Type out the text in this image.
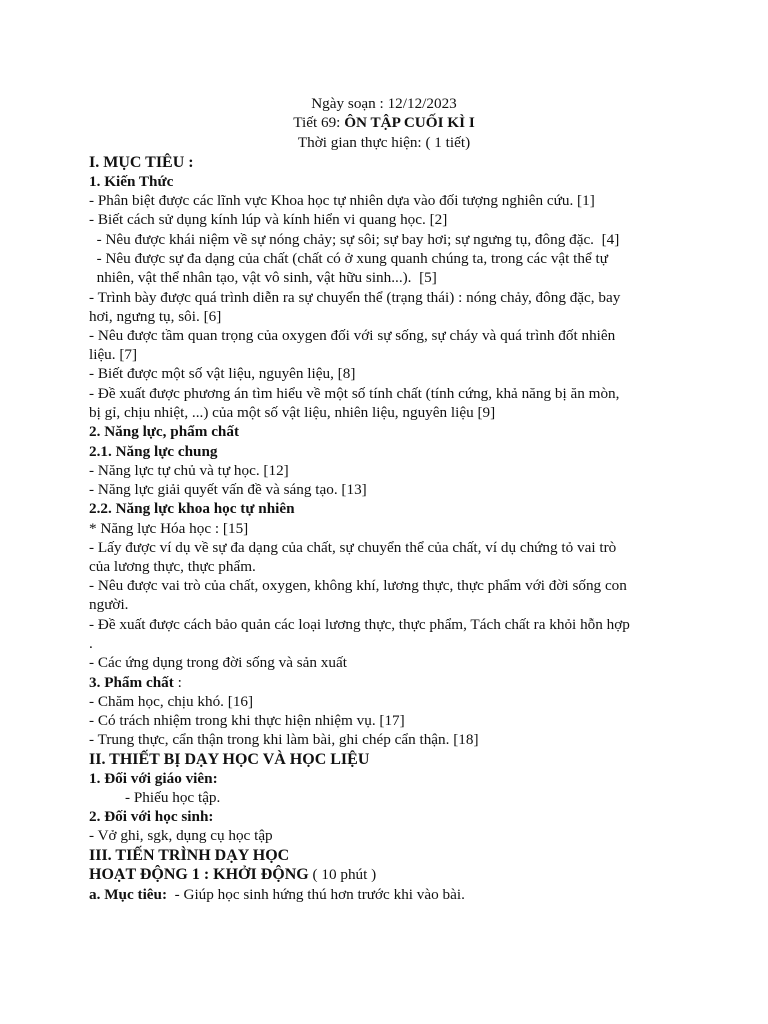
Ngày soạn : 12/12/2023
Tiết 69: ÔN TẬP CUỐI KÌ I
Thời gian thực hiện: ( 1 tiết)
I. MỤC TIÊU :
1. Kiến Thức
- Phân biệt được các lĩnh vực Khoa học tự nhiên dựa vào đối tượng nghiên cứu. [1]
- Biết cách sử dụng kính lúp và kính hiển vi quang học. [2]
- Nêu được khái niệm về sự nóng chảy; sự sôi; sự bay hơi; sự ngưng tụ, đông đặc.  [4]
- Nêu được sự đa dạng của chất (chất có ở xung quanh chúng ta, trong các vật thể tự
nhiên, vật thể nhân tạo, vật vô sinh, vật hữu sinh...).  [5]
- Trình bày được quá trình diễn ra sự chuyển thể (trạng thái) : nóng chảy, đông đặc, bay
hơi, ngưng tụ, sôi. [6]
- Nêu được tầm quan trọng của oxygen đối với sự sống, sự cháy và quá trình đốt nhiên
liệu. [7]
- Biết được một số vật liệu, nguyên liệu, [8]
- Đề xuất được phương án tìm hiểu về một số tính chất (tính cứng, khả năng bị ăn mòn,
bị gỉ, chịu nhiệt, ...) của một số vật liệu, nhiên liệu, nguyên liệu [9]
2. Năng lực, phẩm chất
2.1. Năng lực chung
- Năng lực tự chủ và tự học. [12]
- Năng lực giải quyết vấn đề và sáng tạo. [13]
2.2. Năng lực khoa học tự nhiên
* Năng lực Hóa học : [15]
- Lấy được ví dụ về sự đa dạng của chất, sự chuyển thể của chất, ví dụ chứng tỏ vai trò
của lương thực, thực phẩm.
- Nêu được vai trò của chất, oxygen, không khí, lương thực, thực phẩm với đời sống con
người.
- Đề xuất được cách bảo quản các loại lương thực, thực phẩm, Tách chất ra khỏi hỗn hợp
.
- Các ứng dụng trong đời sống và sản xuất
3. Phẩm chất :
- Chăm học, chịu khó. [16]
- Có trách nhiệm trong khi thực hiện nhiệm vụ. [17]
- Trung thực, cẩn thận trong khi làm bài, ghi chép cẩn thận. [18]
II. THIẾT BỊ DẠY HỌC VÀ HỌC LIỆU
1. Đối với giáo viên:
- Phiếu học tập.
2. Đối với học sinh:
- Vở ghi, sgk, dụng cụ học tập
III. TIẾN TRÌNH DẠY HỌC
HOẠT ĐỘNG 1 : KHỞI ĐỘNG ( 10 phút )
a. Mục tiêu:  - Giúp học sinh hứng thú hơn trước khi vào bài.
